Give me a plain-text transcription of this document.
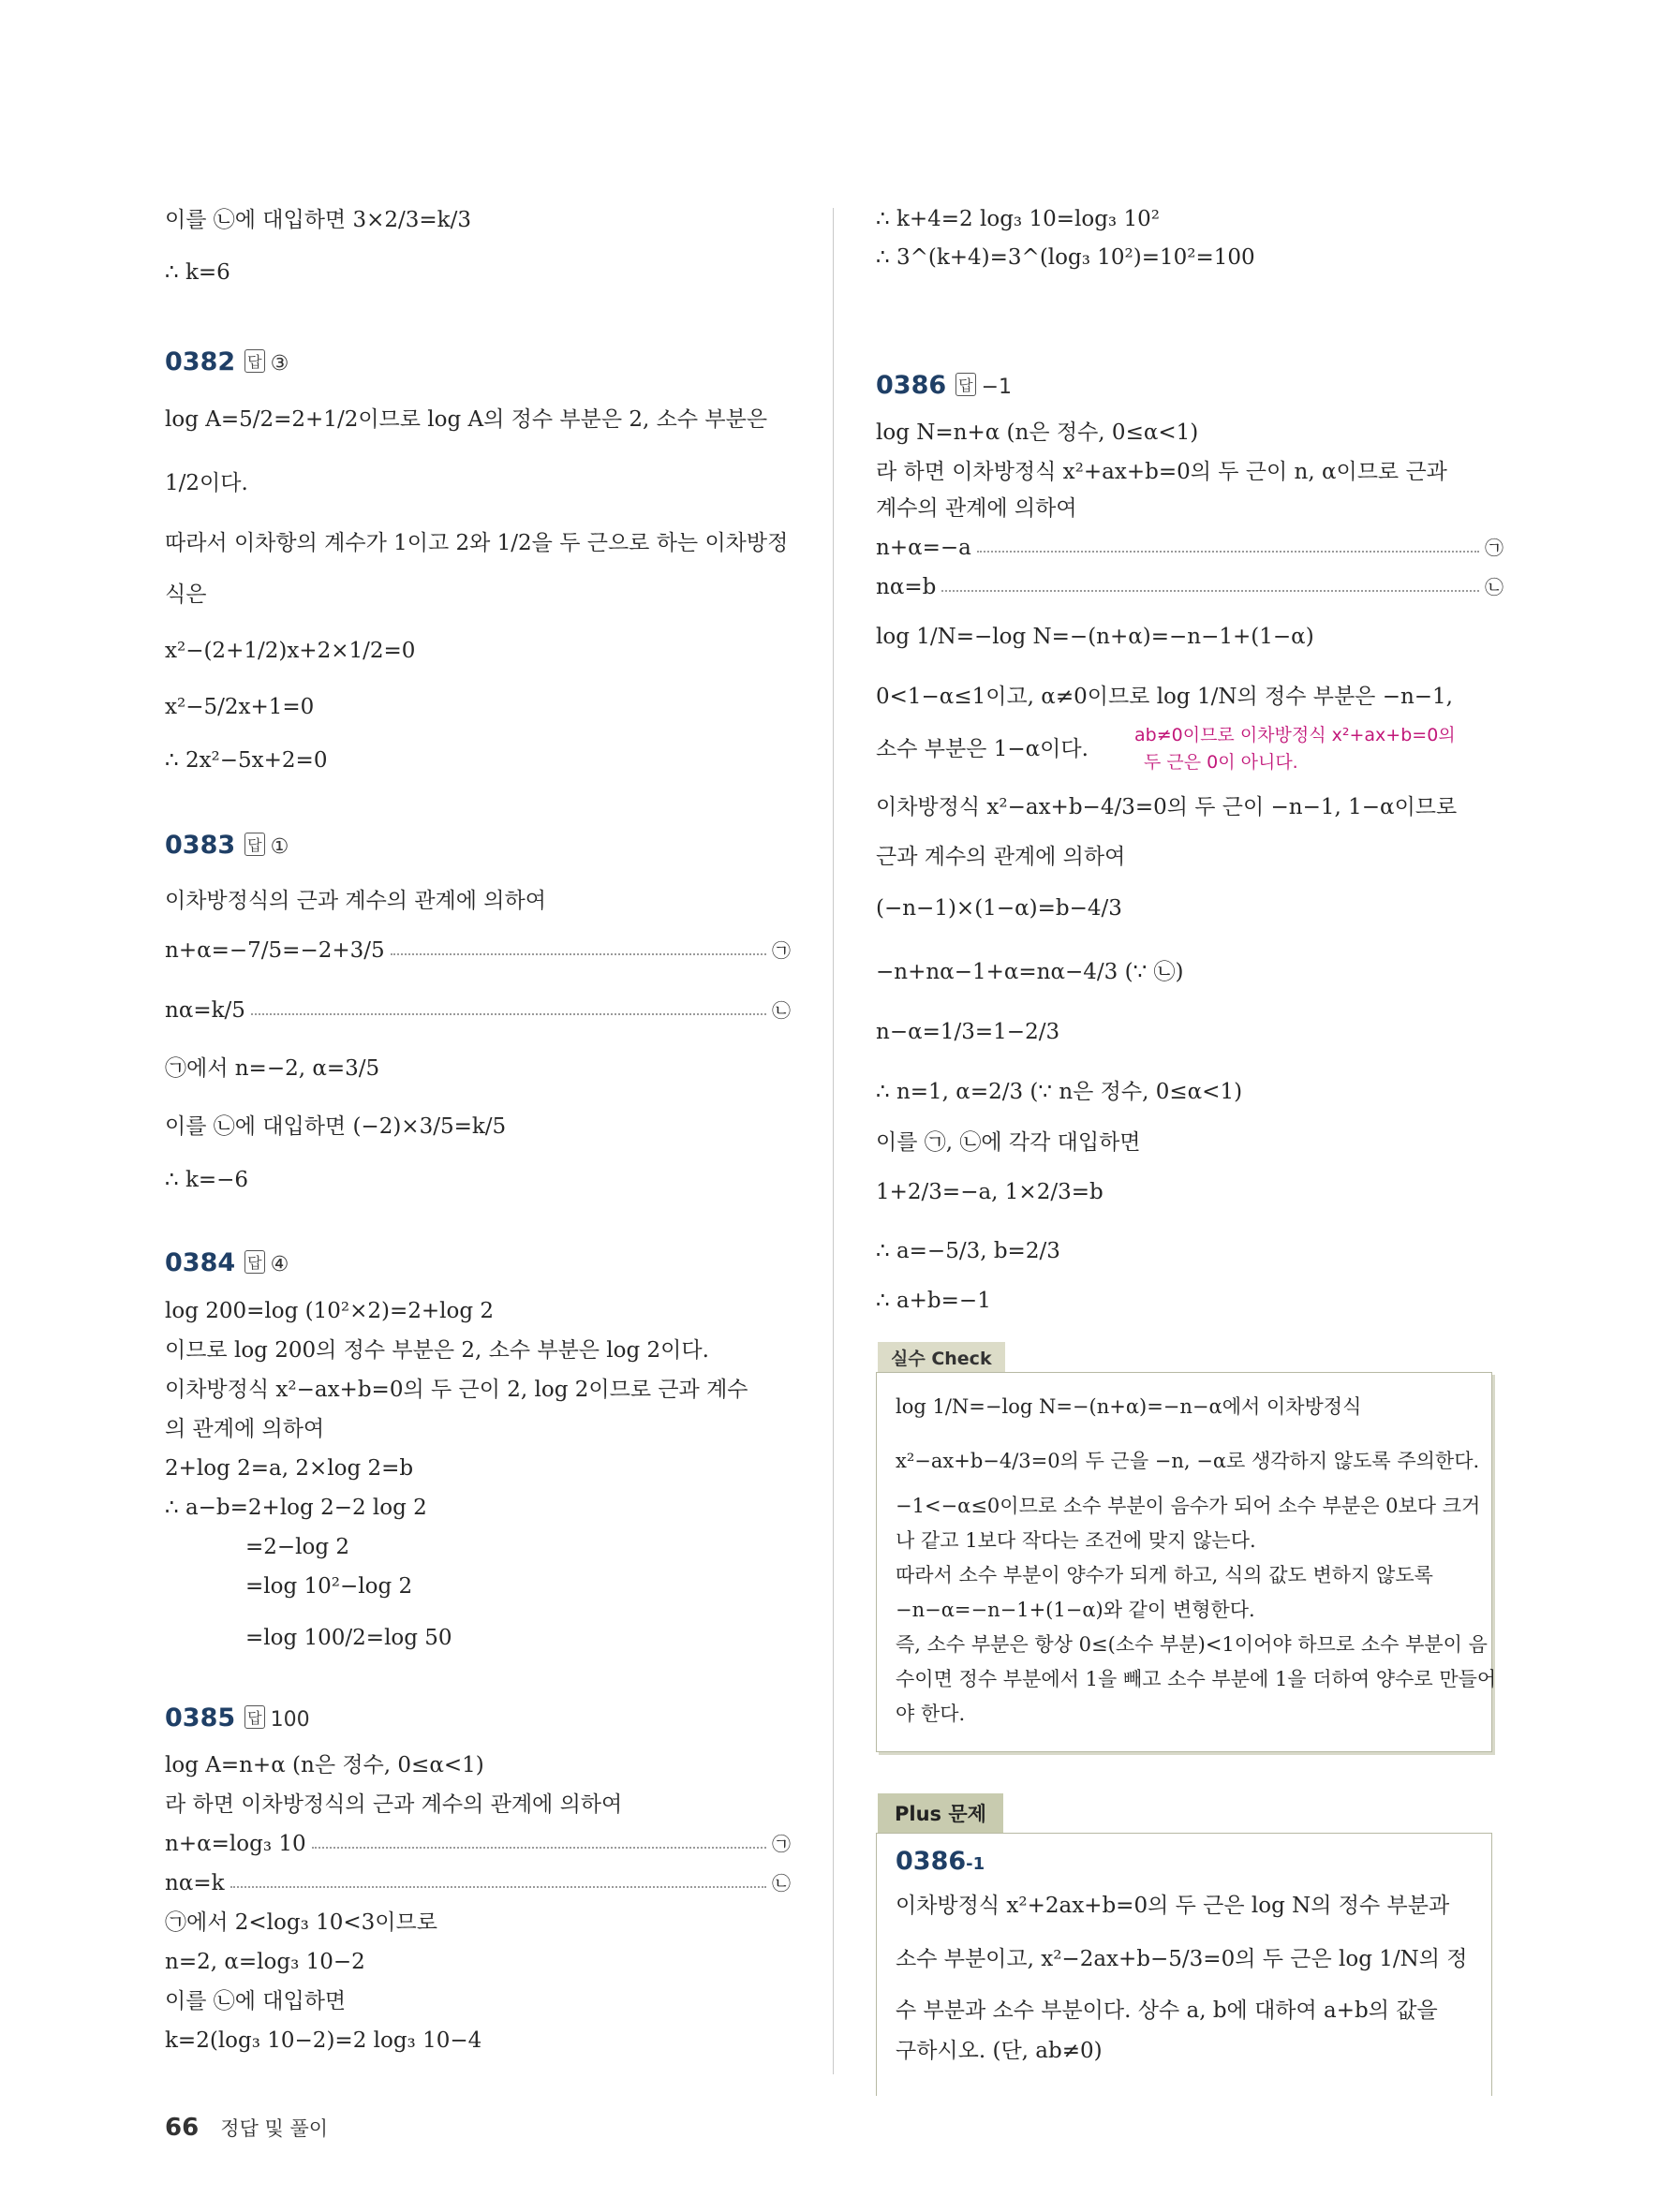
이를 ㉡에 대입하면 3×2/3=k/3
∴ k=6
0382 답 ③
log A=5/2=2+1/2이므로 log A의 정수 부분은 2, 소수 부분은
1/2이다.
따라서 이차항의 계수가 1이고 2와 1/2을 두 근으로 하는 이차방정
식은
x²−(2+1/2)x+2×1/2=0
x²−5/2x+1=0
∴ 2x²−5x+2=0
0383 답 ①
이차방정식의 근과 계수의 관계에 의하여
n+α=−7/5=−2+3/5	㉠
nα=k/5	㉡
㉠에서 n=−2, α=3/5
이를 ㉡에 대입하면 (−2)×3/5=k/5
∴ k=−6
0384 답 ④
log 200=log (10²×2)=2+log 2
이므로 log 200의 정수 부분은 2, 소수 부분은 log 2이다.
이차방정식 x²−ax+b=0의 두 근이 2, log 2이므로 근과 계수
의 관계에 의하여
2+log 2=a, 2×log 2=b
∴ a−b=2+log 2−2 log 2
=2−log 2
=log 10²−log 2
=log 100/2=log 50
0385 답 100
log A=n+α (n은 정수, 0≤α<1)
라 하면 이차방정식의 근과 계수의 관계에 의하여
n+α=log₃ 10	㉠
nα=k	㉡
㉠에서 2<log₃ 10<3이므로
n=2, α=log₃ 10−2
이를 ㉡에 대입하면
k=2(log₃ 10−2)=2 log₃ 10−4
∴ k+4=2 log₃ 10=log₃ 10²
∴ 3^(k+4)=3^(log₃ 10²)=10²=100
0386 답 −1
log N=n+α (n은 정수, 0≤α<1)
라 하면 이차방정식 x²+ax+b=0의 두 근이 n, α이므로 근과
계수의 관계에 의하여
n+α=−a	㉠
nα=b	㉡
log 1/N=−log N=−(n+α)=−n−1+(1−α)
0<1−α≤1이고, α≠0이므로 log 1/N의 정수 부분은 −n−1,
소수 부분은 1−α이다.
ab≠0이므로 이차방정식 x²+ax+b=0의
두 근은 0이 아니다.
이차방정식 x²−ax+b−4/3=0의 두 근이 −n−1, 1−α이므로
근과 계수의 관계에 의하여
(−n−1)×(1−α)=b−4/3
−n+nα−1+α=nα−4/3 (∵ ㉡)
n−α=1/3=1−2/3
∴ n=1, α=2/3 (∵ n은 정수, 0≤α<1)
이를 ㉠, ㉡에 각각 대입하면
1+2/3=−a, 1×2/3=b
∴ a=−5/3, b=2/3
∴ a+b=−1
실수 Check
log 1/N=−log N=−(n+α)=−n−α에서 이차방정식
x²−ax+b−4/3=0의 두 근을 −n, −α로 생각하지 않도록 주의한다.
−1<−α≤0이므로 소수 부분이 음수가 되어 소수 부분은 0보다 크거
나 같고 1보다 작다는 조건에 맞지 않는다.
따라서 소수 부분이 양수가 되게 하고, 식의 값도 변하지 않도록
−n−α=−n−1+(1−α)와 같이 변형한다.
즉, 소수 부분은 항상 0≤(소수 부분)<1이어야 하므로 소수 부분이 음
수이면 정수 부분에서 1을 빼고 소수 부분에 1을 더하여 양수로 만들어
야 한다.
Plus 문제
0386-1
이차방정식 x²+2ax+b=0의 두 근은 log N의 정수 부분과
소수 부분이고, x²−2ax+b−5/3=0의 두 근은 log 1/N의 정
수 부분과 소수 부분이다. 상수 a, b에 대하여 a+b의 값을
구하시오. (단, ab≠0)
66 정답 및 풀이
